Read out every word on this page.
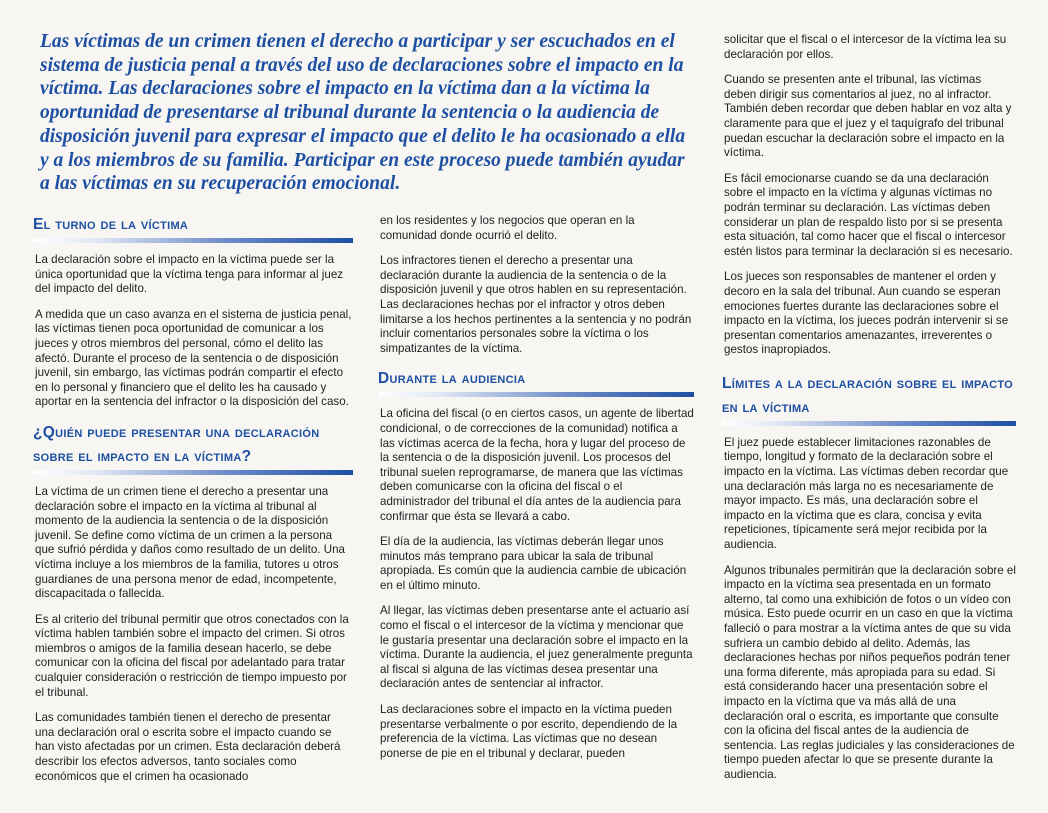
Las víctimas de un crimen tienen el derecho a participar y ser escuchados en el sistema de justicia penal a través del uso de declaraciones sobre el impacto en la víctima. Las declaraciones sobre el impacto en la víctima dan a la víctima la oportunidad de presentarse al tribunal durante la sentencia o la audiencia de disposición juvenil para expresar el impacto que el delito le ha ocasionado a ella y a los miembros de su familia. Participar en este proceso puede también ayudar a las víctimas en su recuperación emocional.

El turno de la víctima

La declaración sobre el impacto en la víctima puede ser la única oportunidad que la víctima tenga para informar al juez del impacto del delito.

A medida que un caso avanza en el sistema de justicia penal, las víctimas tienen poca oportunidad de comunicar a los jueces y otros miembros del personal, cómo el delito las afectó. Durante el proceso de la sentencia o de disposición juvenil, sin embargo, las víctimas podrán compartir el efecto en lo personal y financiero que el delito les ha causado y aportar en la sentencia del infractor o la disposición del caso.

¿Quién puede presentar una declaración sobre el impacto en la víctima?

La víctima de un crimen tiene el derecho a presentar una declaración sobre el impacto en la víctima al tribunal al momento de la audiencia la sentencia o de la disposición juvenil. Se define como víctima de un crimen a la persona que sufrió pérdida y daños como resultado de un delito. Una víctima incluye a los miembros de la familia, tutores u otros guardianes de una persona menor de edad, incompetente, discapacitada o fallecida.

Es al criterio del tribunal permitir que otros conectados con la víctima hablen también sobre el impacto del crimen. Si otros miembros o amigos de la familia desean hacerlo, se debe comunicar con la oficina del fiscal por adelantado para tratar cualquier consideración o restricción de tiempo impuesto por el tribunal.

Las comunidades también tienen el derecho de presentar una declaración oral o escrita sobre el impacto cuando se han visto afectadas por un crimen. Esta declaración deberá describir los efectos adversos, tanto sociales como económicos que el crimen ha ocasionado

en los residentes y los negocios que operan en la comunidad donde ocurrió el delito.

Los infractores tienen el derecho a presentar una declaración durante la audiencia de la sentencia o de la disposición juvenil y que otros hablen en su representación. Las declaraciones hechas por el infractor y otros deben limitarse a los hechos pertinentes a la sentencia y no podrán incluir comentarios personales sobre la víctima o los simpatizantes de la víctima.

Durante la audiencia

La oficina del fiscal (o en ciertos casos, un agente de libertad condicional, o de correcciones de la comunidad) notifica a las víctimas acerca de la fecha, hora y lugar del proceso de la sentencia o de la disposición juvenil. Los procesos del tribunal suelen reprogramarse, de manera que las víctimas deben comunicarse con la oficina del fiscal o el administrador del tribunal el día antes de la audiencia para confirmar que ésta se llevará a cabo.

El día de la audiencia, las víctimas deberán llegar unos minutos más temprano para ubicar la sala de tribunal apropiada. Es común que la audiencia cambie de ubicación en el último minuto.

Al llegar, las víctimas deben presentarse ante el actuario así como el fiscal o el intercesor de la víctima y mencionar que le gustaría presentar una declaración sobre el impacto en la víctima. Durante la audiencia, el juez generalmente pregunta al fiscal si alguna de las víctimas desea presentar una declaración antes de sentenciar al infractor.

Las declaraciones sobre el impacto en la víctima pueden presentarse verbalmente o por escrito, dependiendo de la preferencia de la víctima. Las víctimas que no desean ponerse de pie en el tribunal y declarar, pueden

solicitar que el fiscal o el intercesor de la víctima lea su declaración por ellos.

Cuando se presenten ante el tribunal, las víctimas deben dirigir sus comentarios al juez, no al infractor. También deben recordar que deben hablar en voz alta y claramente para que el juez y el taquígrafo del tribunal puedan escuchar la declaración sobre el impacto en la víctima.

Es fácil emocionarse cuando se da una declaración sobre el impacto en la víctima y algunas víctimas no podrán terminar su declaración. Las víctimas deben considerar un plan de respaldo listo por si se presenta esta situación, tal como hacer que el fiscal o intercesor estén listos para terminar la declaración si es necesario.

Los jueces son responsables de mantener el orden y decoro en la sala del tribunal. Aun cuando se esperan emociones fuertes durante las declaraciones sobre el impacto en la víctima, los jueces podrán intervenir si se presentan comentarios amenazantes, irreverentes o gestos inapropiados.

Límites a la declaración sobre el impacto en la víctima

El juez puede establecer limitaciones razonables de tiempo, longitud y formato de la declaración sobre el impacto en la víctima. Las víctimas deben recordar que una declaración más larga no es necesariamente de mayor impacto. Es más, una declaración sobre el impacto en la víctima que es clara, concisa y evita repeticiones, típicamente será mejor recibida por la audiencia.

Algunos tribunales permitirán que la declaración sobre el impacto en la víctima sea presentada en un formato alterno, tal como una exhibición de fotos o un vídeo con música. Esto puede ocurrir en un caso en que la víctima falleció o para mostrar a la víctima antes de que su vida sufriera un cambio debido al delito. Además, las declaraciones hechas por niños pequeños podrán tener una forma diferente, más apropiada para su edad. Si está considerando hacer una presentación sobre el impacto en la víctima que va más allá de una declaración oral o escrita, es importante que consulte con la oficina del fiscal antes de la audiencia de sentencia. Las reglas judiciales y las consideraciones de tiempo pueden afectar lo que se presente durante la audiencia.
